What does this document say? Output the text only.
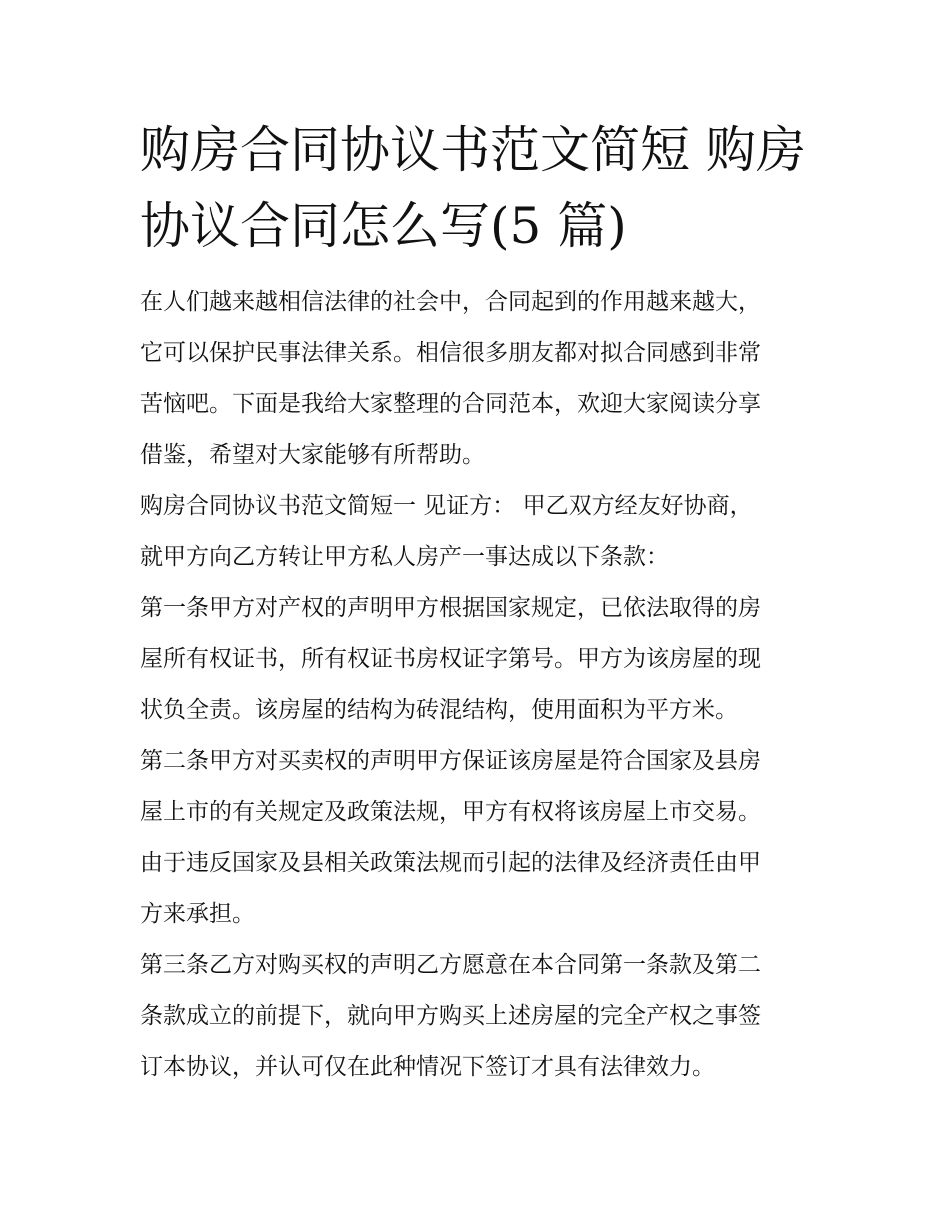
购房合同协议书范文简短 购房
协议合同怎么写(5 篇)
在人们越来越相信法律的社会中，合同起到的作用越来越大，
它可以保护民事法律关系。相信很多朋友都对拟合同感到非常
苦恼吧。下面是我给大家整理的合同范本，欢迎大家阅读分享
借鉴，希望对大家能够有所帮助。
购房合同协议书范文简短一 见证方： 甲乙双方经友好协商，
就甲方向乙方转让甲方私人房产一事达成以下条款：
第一条甲方对产权的声明甲方根据国家规定，已依法取得的房
屋所有权证书，所有权证书房权证字第号。甲方为该房屋的现
状负全责。该房屋的结构为砖混结构，使用面积为平方米。
第二条甲方对买卖权的声明甲方保证该房屋是符合国家及县房
屋上市的有关规定及政策法规，甲方有权将该房屋上市交易。
由于违反国家及县相关政策法规而引起的法律及经济责任由甲
方来承担。
第三条乙方对购买权的声明乙方愿意在本合同第一条款及第二
条款成立的前提下，就向甲方购买上述房屋的完全产权之事签
订本协议，并认可仅在此种情况下签订才具有法律效力。
